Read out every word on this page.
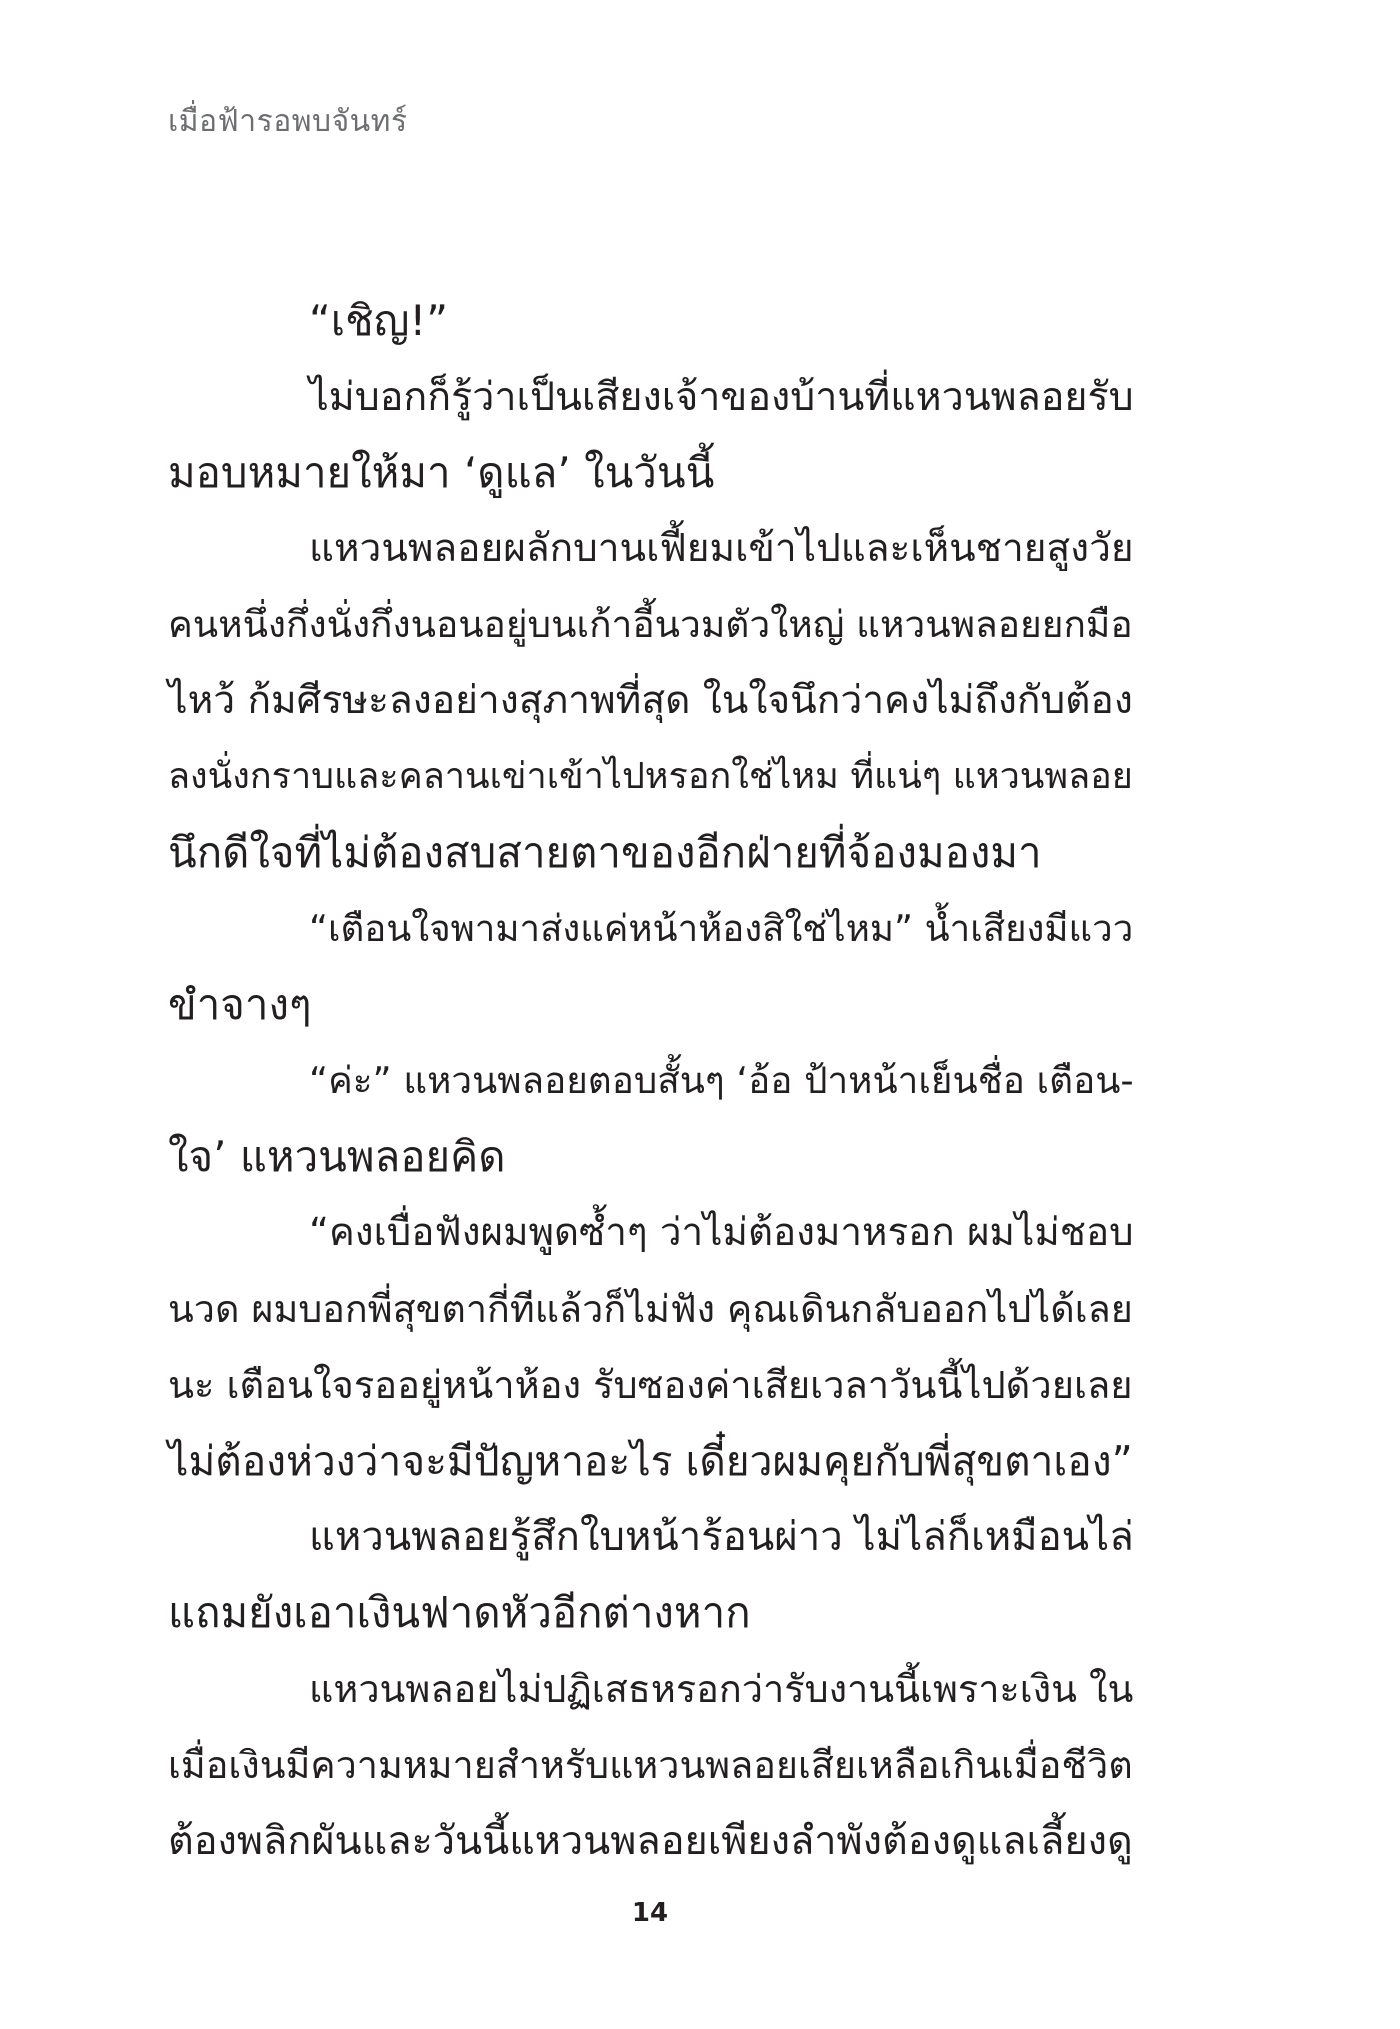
เมื่อฟ้ารอพบจันทร์
“เชิญ!”
ไม่บอกก็รู้ว่าเป็นเสียงเจ้าของบ้านที่แหวนพลอยรับ
มอบหมายให้มา ‘ดูแล’ ในวันนี้
แหวนพลอยผลักบานเฟี้ยมเข้าไปและเห็นชายสูงวัย
คนหนึ่งกึ่งนั่งกึ่งนอนอยู่บนเก้าอี้นวมตัวใหญ่ แหวนพลอยยกมือ
ไหว้ ก้มศีรษะลงอย่างสุภาพที่สุด ในใจนึกว่าคงไม่ถึงกับต้อง
ลงนั่งกราบและคลานเข่าเข้าไปหรอกใช่ไหม ที่แน่ๆ แหวนพลอย
นึกดีใจที่ไม่ต้องสบสายตาของอีกฝ่ายที่จ้องมองมา
“เตือนใจพามาส่งแค่หน้าห้องสิใช่ไหม” น้ำเสียงมีแวว
ขำจางๆ
“ค่ะ” แหวนพลอยตอบสั้นๆ ‘อ้อ ป้าหน้าเย็นชื่อ เตือน-
ใจ’ แหวนพลอยคิด
“คงเบื่อฟังผมพูดซ้ำๆ ว่าไม่ต้องมาหรอก ผมไม่ชอบ
นวด ผมบอกพี่สุขตากี่ทีแล้วก็ไม่ฟัง คุณเดินกลับออกไปได้เลย
นะ เตือนใจรออยู่หน้าห้อง รับซองค่าเสียเวลาวันนี้ไปด้วยเลย
ไม่ต้องห่วงว่าจะมีปัญหาอะไร เดี๋ยวผมคุยกับพี่สุขตาเอง”
แหวนพลอยรู้สึกใบหน้าร้อนผ่าว ไม่ไล่ก็เหมือนไล่
แถมยังเอาเงินฟาดหัวอีกต่างหาก
แหวนพลอยไม่ปฏิเสธหรอกว่ารับงานนี้เพราะเงิน ใน
เมื่อเงินมีความหมายสำหรับแหวนพลอยเสียเหลือเกินเมื่อชีวิต
ต้องพลิกผันและวันนี้แหวนพลอยเพียงลำพังต้องดูแลเลี้ยงดู
14
